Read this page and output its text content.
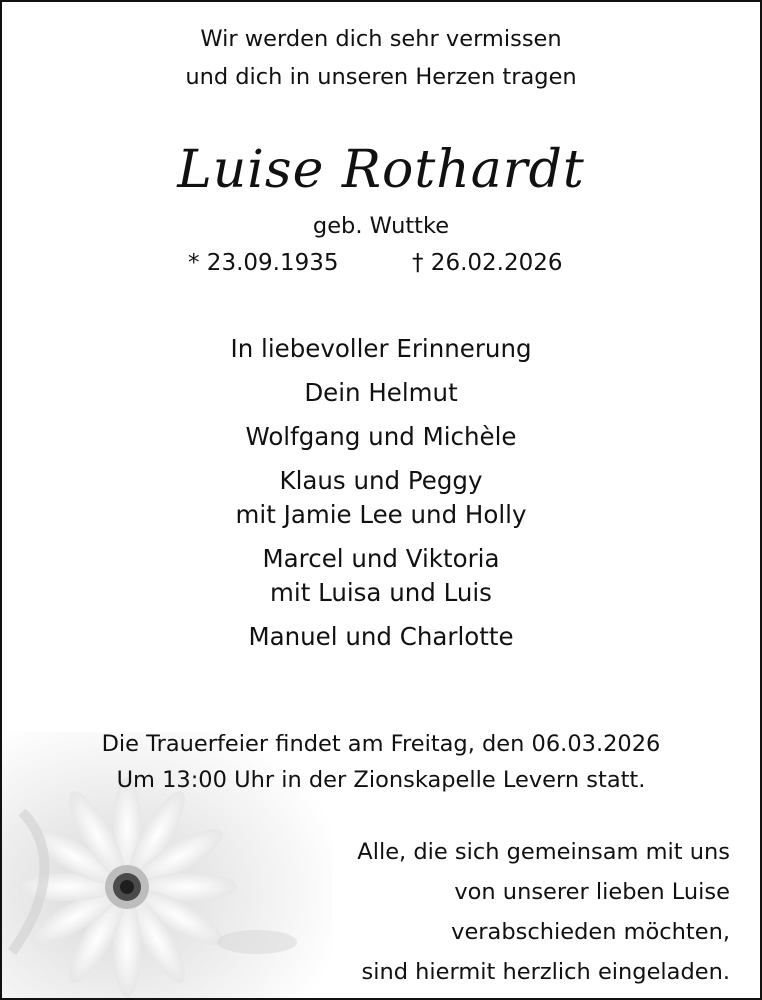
Wir werden dich sehr vermissen
und dich in unseren Herzen tragen
Luise Rothardt
geb. Wuttke
* 23.09.1935	† 26.02.2026
In liebevoller Erinnerung
Dein Helmut
Wolfgang und Michèle
Klaus und Peggy
mit Jamie Lee und Holly
Marcel und Viktoria
mit Luisa und Luis
Manuel und Charlotte
Die Trauerfeier findet am Freitag, den 06.03.2026
Um 13:00 Uhr in der Zionskapelle Levern statt.
Alle, die sich gemeinsam mit uns
von unserer lieben Luise
verabschieden möchten,
sind hiermit herzlich eingeladen.
